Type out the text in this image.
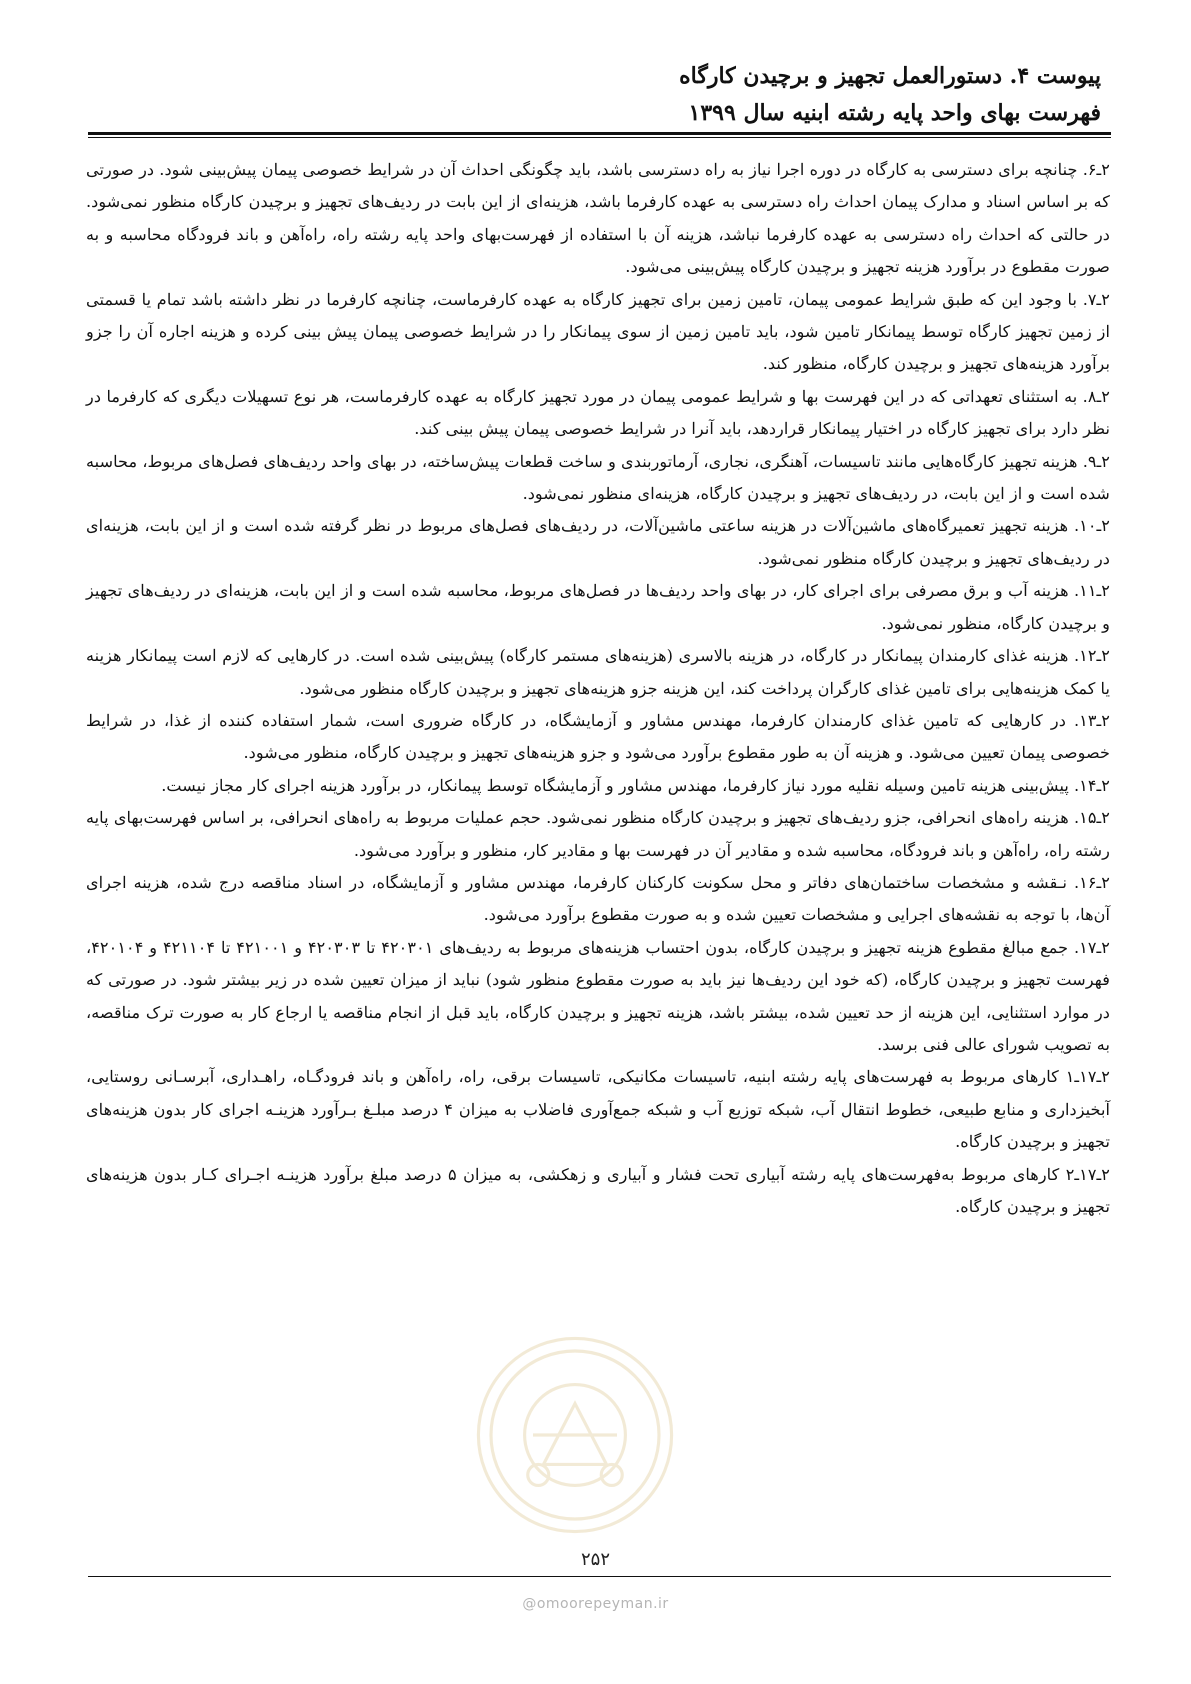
پیوست ۴. دستورالعمل تجهیز و برچیدن کارگاه
فهرست بهای واحد پایه رشته ابنیه سال ۱۳۹۹

۲ـ۶. چنانچه برای دسترسی به کارگاه در دوره اجرا نیاز به راه دسترسی باشد، باید چگونگی احداث آن در شرایط خصوصی پیمان پیش‌بینی شود. در صورتی که بر اساس اسناد و مدارک پیمان احداث راه دسترسی به عهده کارفرما باشد، هزینه‌ای از این بابت در ردیف‌های تجهیز و برچیدن کارگاه منظور نمی‌شود. در حالتی که احداث راه دسترسی به عهده کارفرما نباشد، هزینه آن با استفاده از فهرست‌بهای واحد پایه رشته راه، راه‌آهن و باند فرودگاه محاسبه و به صورت مقطوع در برآورد هزینه تجهیز و برچیدن کارگاه پیش‌بینی می‌شود.

۲ـ۷. با وجود این که طبق شرایط عمومی پیمان، تامین زمین برای تجهیز کارگاه به عهده کارفرماست، چنانچه کارفرما در نظر داشته باشد تمام یا قسمتی از زمین تجهیز کارگاه توسط پیمانکار تامین شود، باید تامین زمین از سوی پیمانکار را در شرایط خصوصی پیمان پیش بینی کرده و هزینه اجاره آن را جزو برآورد هزینه‌های تجهیز و برچیدن کارگاه، منظور کند.

۲ـ۸. به استثنای تعهداتی که در این فهرست بها و شرایط عمومی پیمان در مورد تجهیز کارگاه به عهده کارفرماست، هر نوع تسهیلات دیگری که کارفرما در نظر دارد برای تجهیز کارگاه در اختیار پیمانکار قراردهد، باید آنرا در شرایط خصوصی پیمان پیش بینی کند.

۲ـ۹. هزینه تجهیز کارگاه‌هایی مانند تاسیسات، آهنگری، نجاری، آرماتوربندی و ساخت قطعات پیش‌ساخته، در بهای واحد ردیف‌های فصل‌های مربوط، محاسبه شده است و از این بابت، در ردیف‌های تجهیز و برچیدن کارگاه، هزینه‌ای منظور نمی‌شود.

۲ـ۱۰. هزینه تجهیز تعمیرگاه‌های ماشین‌آلات در هزینه ساعتی ماشین‌آلات، در ردیف‌های فصل‌های مربوط در نظر گرفته شده است و از این بابت، هزینه‌ای در ردیف‌های تجهیز و برچیدن کارگاه منظور نمی‌شود.

۲ـ۱۱. هزینه آب و برق مصرفی برای اجرای کار، در بهای واحد ردیف‌ها در فصل‌های مربوط، محاسبه شده است و از این بابت، هزینه‌ای در ردیف‌های تجهیز و برچیدن کارگاه، منظور نمی‌شود.

۲ـ۱۲. هزینه غذای کارمندان پیمانکار در کارگاه، در هزینه بالاسری (هزینه‌های مستمر کارگاه) پیش‌بینی شده است. در کارهایی که لازم است پیمانکار هزینه یا کمک هزینه‌هایی برای تامین غذای کارگران پرداخت کند، این هزینه جزو هزینه‌های تجهیز و برچیدن کارگاه منظور می‌شود.

۲ـ۱۳. در کارهایی که تامین غذای کارمندان کارفرما، مهندس مشاور و آزمایشگاه، در کارگاه ضروری است، شمار استفاده کننده از غذا، در شرایط خصوصی پیمان تعیین می‌شود. و هزینه آن به طور مقطوع برآورد می‌شود و جزو هزینه‌های تجهیز و برچیدن کارگاه، منظور می‌شود.

۲ـ۱۴. پیش‌بینی هزینه تامین وسیله نقلیه مورد نیاز کارفرما، مهندس مشاور و آزمایشگاه توسط پیمانکار، در برآورد هزینه اجرای کار مجاز نیست.

۲ـ۱۵. هزینه راه‌های انحرافی، جزو ردیف‌های تجهیز و برچیدن کارگاه منظور نمی‌شود. حجم عملیات مربوط به راه‌های انحرافی، بر اساس فهرست‌بهای پایه رشته راه، راه‌آهن و باند فرودگاه، محاسبه شده و مقادیر آن در فهرست بها و مقادیر کار، منظور و برآورد می‌شود.

۲ـ۱۶. نـقشه و مشخصات ساختمان‌های دفاتر و محل سکونت کارکنان کارفرما، مهندس مشاور و آزمایشگاه، در اسناد مناقصه درج شده، هزینه اجرای آن‌ها، با توجه به نقشه‌های اجرایی و مشخصات تعیین شده و به صورت مقطوع برآورد می‌شود.

۲ـ۱۷. جمع مبالغ مقطوع هزینه تجهیز و برچیدن کارگاه، بدون احتساب هزینه‌های مربوط به ردیف‌های ۴۲۰۳۰۱ تا ۴۲۰۳۰۳ و ۴۲۱۰۰۱ تا ۴۲۱۱۰۴ و ۴۲۰۱۰۴، فهرست تجهیز و برچیدن کارگاه، (که خود این ردیف‌ها نیز باید به صورت مقطوع منظور شود) نباید از میزان تعیین شده در زیر بیشتر شود. در صورتی که در موارد استثنایی، این هزینه از حد تعیین شده، بیشتر باشد، هزینه تجهیز و برچیدن کارگاه، باید قبل از انجام مناقصه یا ارجاع کار به صورت ترک مناقصه، به تصویب شورای عالی فنی برسد.

۲ـ۱۷ـ۱ کارهای مربوط به فهرست‌های پایه رشته ابنیه، تاسیسات مکانیکی، تاسیسات برقی، راه، راه‌آهن و باند فرودگـاه، راهـداری، آبرسـانی روستایی، آبخیزداری و منابع طبیعی، خطوط انتقال آب، شبکه توزیع آب و شبکه جمع‌آوری فاضلاب به میزان ۴ درصد مبلـغ بـرآورد هزینـه اجرای کار بدون هزینه‌های تجهیز و برچیدن کارگاه.

۲ـ۱۷ـ۲ کارهای مربوط به‌فهرست‌های پایه رشته آبیاری تحت فشار و آبیاری و زهکشی، به میزان ۵ درصد مبلغ برآورد هزینـه اجـرای کـار بدون هزینه‌های تجهیز و برچیدن کارگاه.

۲۵۲
@omoorepeyman.ir
